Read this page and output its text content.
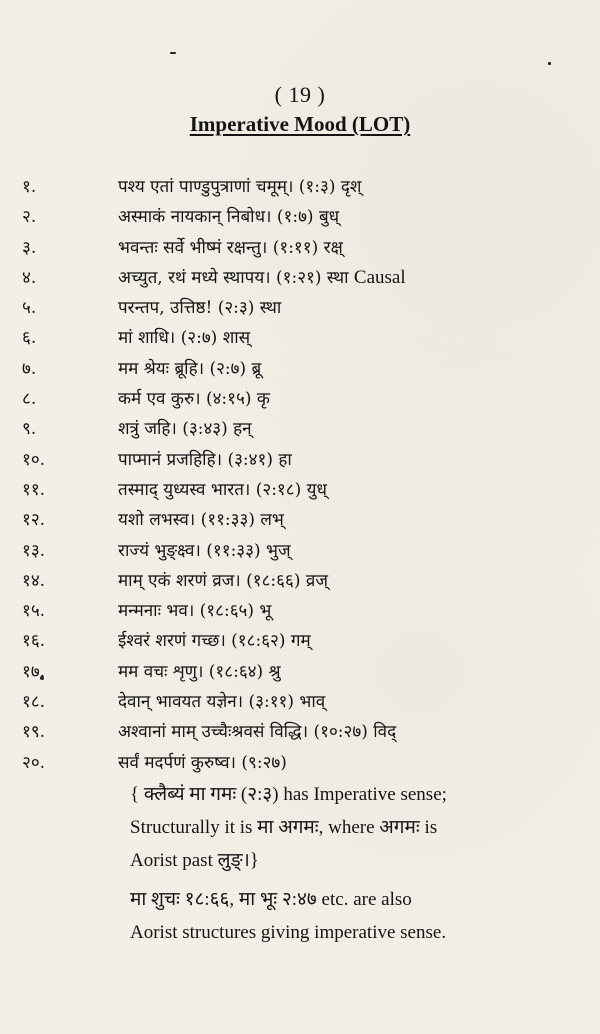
( 19 )
Imperative Mood (LOT)
१.	पश्य एतां पाण्डुपुत्राणां चमूम्। (१:३) दृश्
२.	अस्माकं नायकान् निबोध। (१:७) बुध्
३.	भवन्तः सर्वे भीष्मं रक्षन्तु। (१:११) रक्ष्
४.	अच्युत, रथं मध्ये स्थापय। (१:२१) स्था Causal
५.	परन्तप, उत्तिष्ठ! (२:३) स्था
६.	मां शाधि। (२:७) शास्
७.	मम श्रेयः ब्रूहि। (२:७) ब्रू
८.	कर्म एव कुरु। (४:१५) कृ
९.	शत्रुं जहि। (३:४३) हन्
१०.	पाप्मानं प्रजहिहि। (३:४१) हा
११.	तस्माद् युध्यस्व भारत। (२:१८) युध्
१२.	यशो लभस्व। (११:३३) लभ्
१३.	राज्यं भुङ्क्ष्व। (११:३३) भुज्
१४.	माम् एकं शरणं व्रज। (१८:६६) व्रज्
१५.	मन्मनाः भव। (१८:६५) भू
१६.	ईश्वरं शरणं गच्छ। (१८:६२) गम्
१७.	मम वचः शृणु। (१८:६४) श्रु
१८.	देवान् भावयत यज्ञेन। (३:११) भाव्
१९.	अश्वानां माम् उच्चैःश्रवसं विद्धि। (१०:२७) विद्
२०.	सर्वं मदर्पणं कुरुष्व। (९:२७)
{ क्लैब्यं मा गमः (२:३) has Imperative sense;
Structurally it is मा अगमः, where अगमः is
Aorist past लुङ्।}
मा शुचः १८:६६, मा भूः २:४७ etc. are also
Aorist structures giving imperative sense.
